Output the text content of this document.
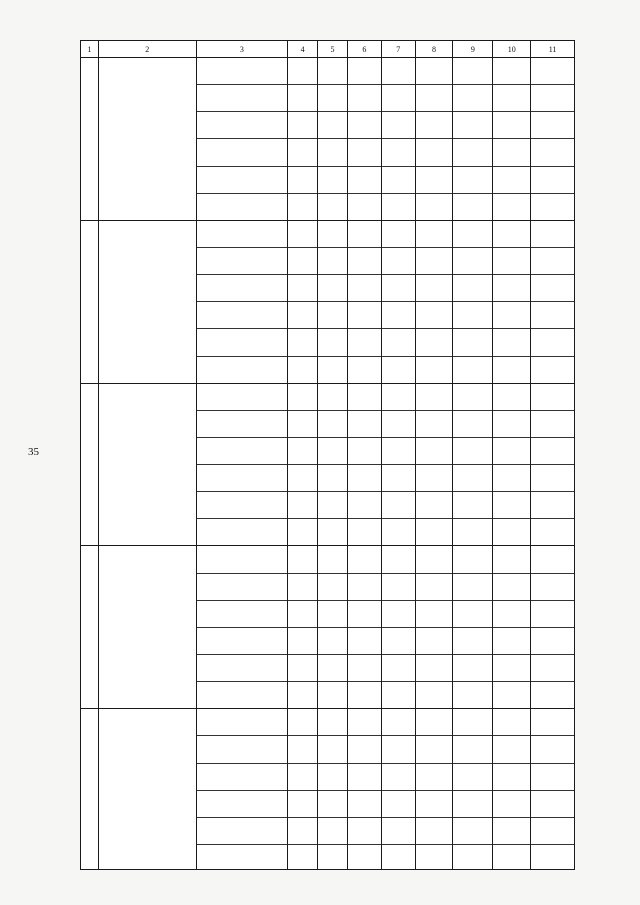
35
1	2	3	4	5	6	7	8	9	10	11
